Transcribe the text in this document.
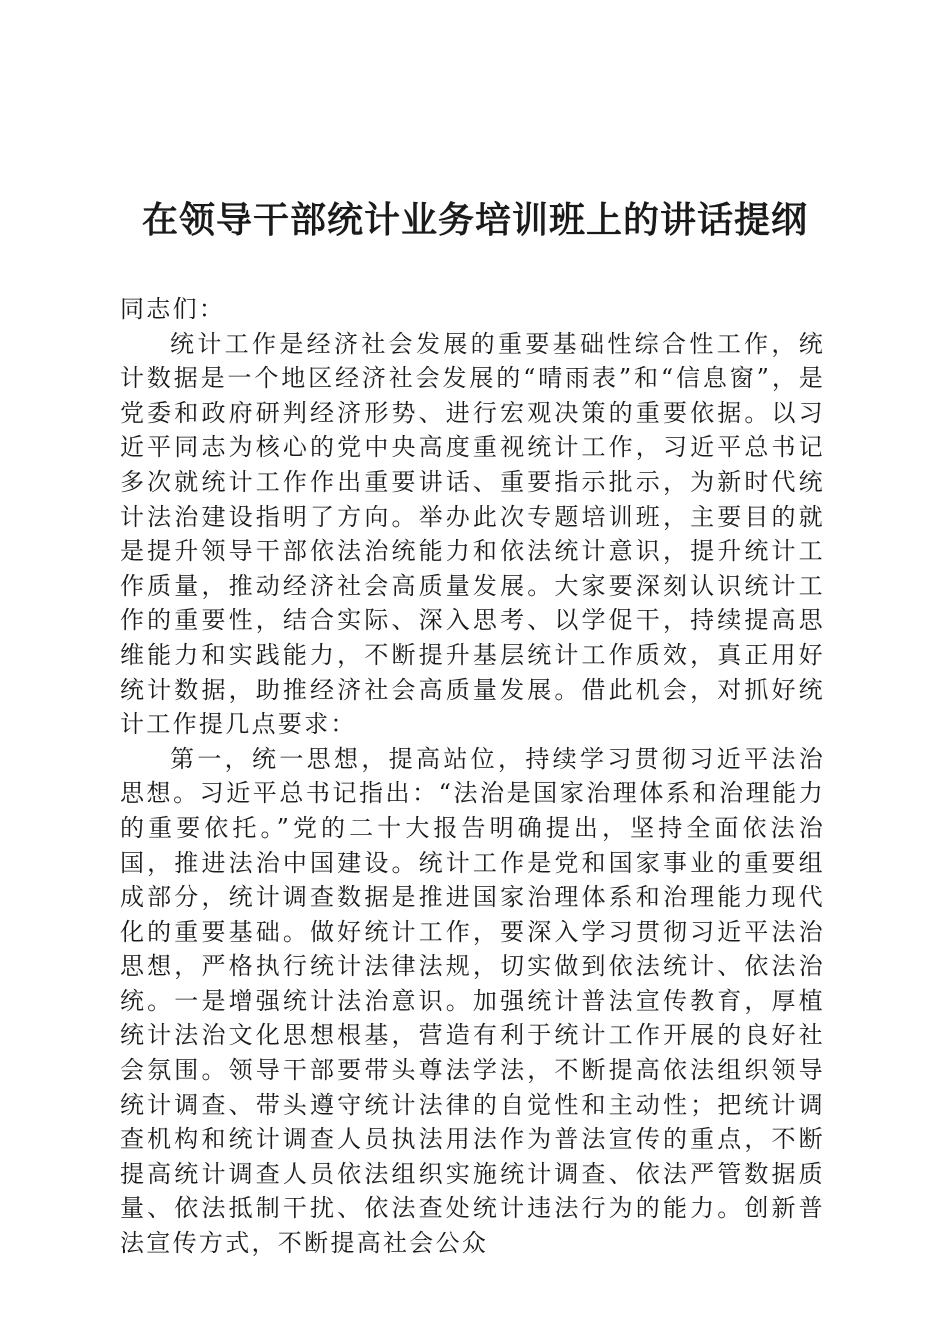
在领导干部统计业务培训班上的讲话提纲

同志们：

统计工作是经济社会发展的重要基础性综合性工作，统计数据是一个地区经济社会发展的“晴雨表”和“信息窗”，是党委和政府研判经济形势、进行宏观决策的重要依据。以习近平同志为核心的党中央高度重视统计工作，习近平总书记多次就统计工作作出重要讲话、重要指示批示，为新时代统计法治建设指明了方向。举办此次专题培训班，主要目的就是提升领导干部依法治统能力和依法统计意识，提升统计工作质量，推动经济社会高质量发展。大家要深刻认识统计工作的重要性，结合实际、深入思考、以学促干，持续提高思维能力和实践能力，不断提升基层统计工作质效，真正用好统计数据，助推经济社会高质量发展。借此机会，对抓好统计工作提几点要求：

第一，统一思想，提高站位，持续学习贯彻习近平法治思想。习近平总书记指出：“法治是国家治理体系和治理能力的重要依托。”党的二十大报告明确提出，坚持全面依法治国，推进法治中国建设。统计工作是党和国家事业的重要组成部分，统计调查数据是推进国家治理体系和治理能力现代化的重要基础。做好统计工作，要深入学习贯彻习近平法治思想，严格执行统计法律法规，切实做到依法统计、依法治统。一是增强统计法治意识。加强统计普法宣传教育，厚植统计法治文化思想根基，营造有利于统计工作开展的良好社会氛围。领导干部要带头尊法学法，不断提高依法组织领导统计调查、带头遵守统计法律的自觉性和主动性；把统计调查机构和统计调查人员执法用法作为普法宣传的重点，不断提高统计调查人员依法组织实施统计调查、依法严管数据质量、依法抵制干扰、依法查处统计违法行为的能力。创新普法宣传方式，不断提高社会公众
